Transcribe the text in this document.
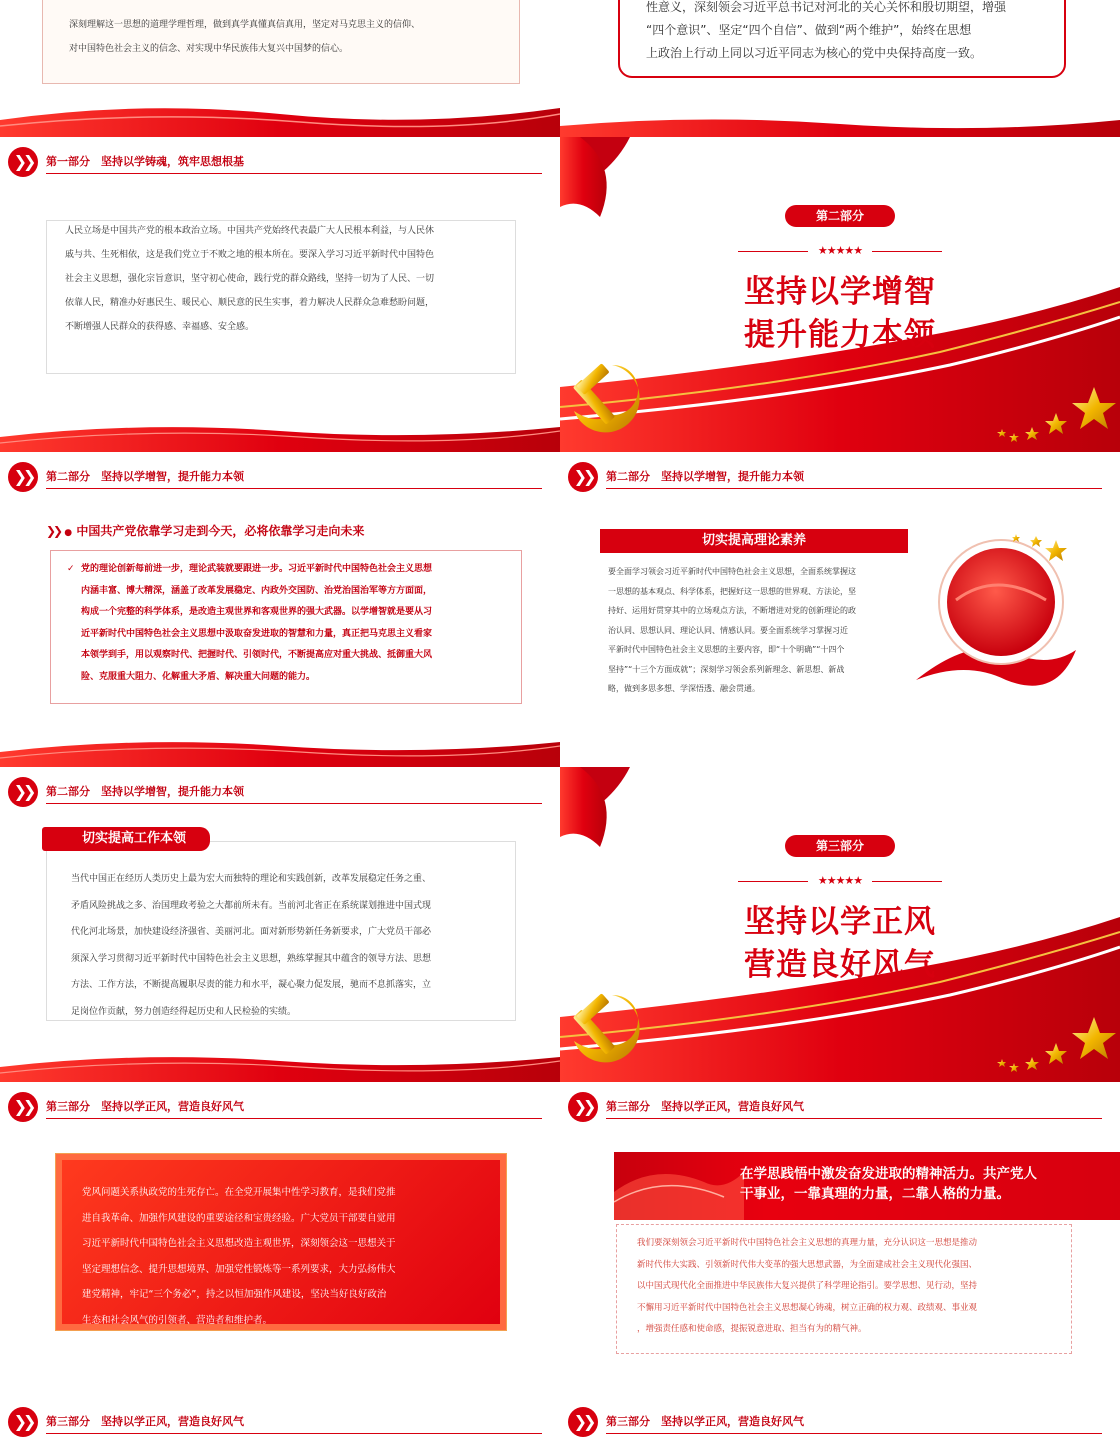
深刻理解这一思想的道理学理哲理，做到真学真懂真信真用，坚定对马克思主义的信仰、
对中国特色社会主义的信念、对实现中华民族伟大复兴中国梦的信心。
性意义，深刻领会习近平总书记对河北的关心关怀和殷切期望，增强
“四个意识”、坚定“四个自信”、做到“两个维护”，始终在思想
上政治上行动上同以习近平同志为核心的党中央保持高度一致。
❯❯	第一部分　坚持以学铸魂，筑牢思想根基
人民立场是中国共产党的根本政治立场。中国共产党始终代表最广大人民根本利益，与人民休
戚与共、生死相依，这是我们党立于不败之地的根本所在。要深入学习习近平新时代中国特色
社会主义思想，强化宗旨意识，坚守初心使命，践行党的群众路线，坚持一切为了人民、一切
依靠人民，精准办好惠民生、暖民心、顺民意的民生实事，着力解决人民群众急难愁盼问题，
不断增强人民群众的获得感、幸福感、安全感。
第二部分
★★★★★
坚持以学增智
提升能力本领
❯❯	第二部分　坚持以学增智，提升能力本领
❯❯ ● 中国共产党依靠学习走到今天，必将依靠学习走向未来
✓ 党的理论创新每前进一步，理论武装就要跟进一步。习近平新时代中国特色社会主义思想
内涵丰富、博大精深，涵盖了改革发展稳定、内政外交国防、治党治国治军等方方面面，
构成一个完整的科学体系，是改造主观世界和客观世界的强大武器。以学增智就是要从习
近平新时代中国特色社会主义思想中汲取奋发进取的智慧和力量，真正把马克思主义看家
本领学到手，用以观察时代、把握时代、引领时代，不断提高应对重大挑战、抵御重大风
险、克服重大阻力、化解重大矛盾、解决重大问题的能力。
❯❯	第二部分　坚持以学增智，提升能力本领
切实提高理论素养
要全面学习领会习近平新时代中国特色社会主义思想，全面系统掌握这
一思想的基本观点、科学体系，把握好这一思想的世界观、方法论，坚
持好、运用好贯穿其中的立场观点方法，不断增进对党的创新理论的政
治认同、思想认同、理论认同、情感认同。要全面系统学习掌握习近
平新时代中国特色社会主义思想的主要内容，即“十个明确”“十四个
坚持”“十三个方面成就”；深刻学习领会系列新理念、新思想、新战
略，做到多思多想、学深悟透、融会贯通。
❯❯	第二部分　坚持以学增智，提升能力本领
当代中国正在经历人类历史上最为宏大而独特的理论和实践创新，改革发展稳定任务之重、
矛盾风险挑战之多、治国理政考验之大都前所未有。当前河北省正在系统谋划推进中国式现
代化河北场景，加快建设经济强省、美丽河北。面对新形势新任务新要求，广大党员干部必
须深入学习贯彻习近平新时代中国特色社会主义思想，熟练掌握其中蕴含的领导方法、思想
方法、工作方法，不断提高履职尽责的能力和水平，凝心聚力促发展，驰而不息抓落实，立
足岗位作贡献，努力创造经得起历史和人民检验的实绩。
切实提高工作本领	第三部分
★★★★★
坚持以学正风
营造良好风气
❯❯	第三部分　坚持以学正风，营造良好风气
党风问题关系执政党的生死存亡。在全党开展集中性学习教育，是我们党推
进自我革命、加强作风建设的重要途径和宝贵经验。广大党员干部要自觉用
习近平新时代中国特色社会主义思想改造主观世界，深刻领会这一思想关于
坚定理想信念、提升思想境界、加强党性锻炼等一系列要求，大力弘扬伟大
建党精神，牢记“三个务必”，持之以恒加强作风建设，坚决当好良好政治
生态和社会风气的引领者、营造者和维护者。
❯❯	第三部分　坚持以学正风，营造良好风气
在学思践悟中激发奋发进取的精神活力。共产党人
干事业，一靠真理的力量，二靠人格的力量。
我们要深刻领会习近平新时代中国特色社会主义思想的真理力量，充分认识这一思想是推动
新时代伟大实践、引领新时代伟大变革的强大思想武器，为全面建成社会主义现代化强国、
以中国式现代化全面推进中华民族伟大复兴提供了科学理论指引。要学思想、见行动，坚持
不懈用习近平新时代中国特色社会主义思想凝心铸魂，树立正确的权力观、政绩观、事业观
，增强责任感和使命感，提振锐意进取、担当有为的精气神。
❯❯	第三部分　坚持以学正风，营造良好风气	❯❯	第三部分　坚持以学正风，营造良好风气
